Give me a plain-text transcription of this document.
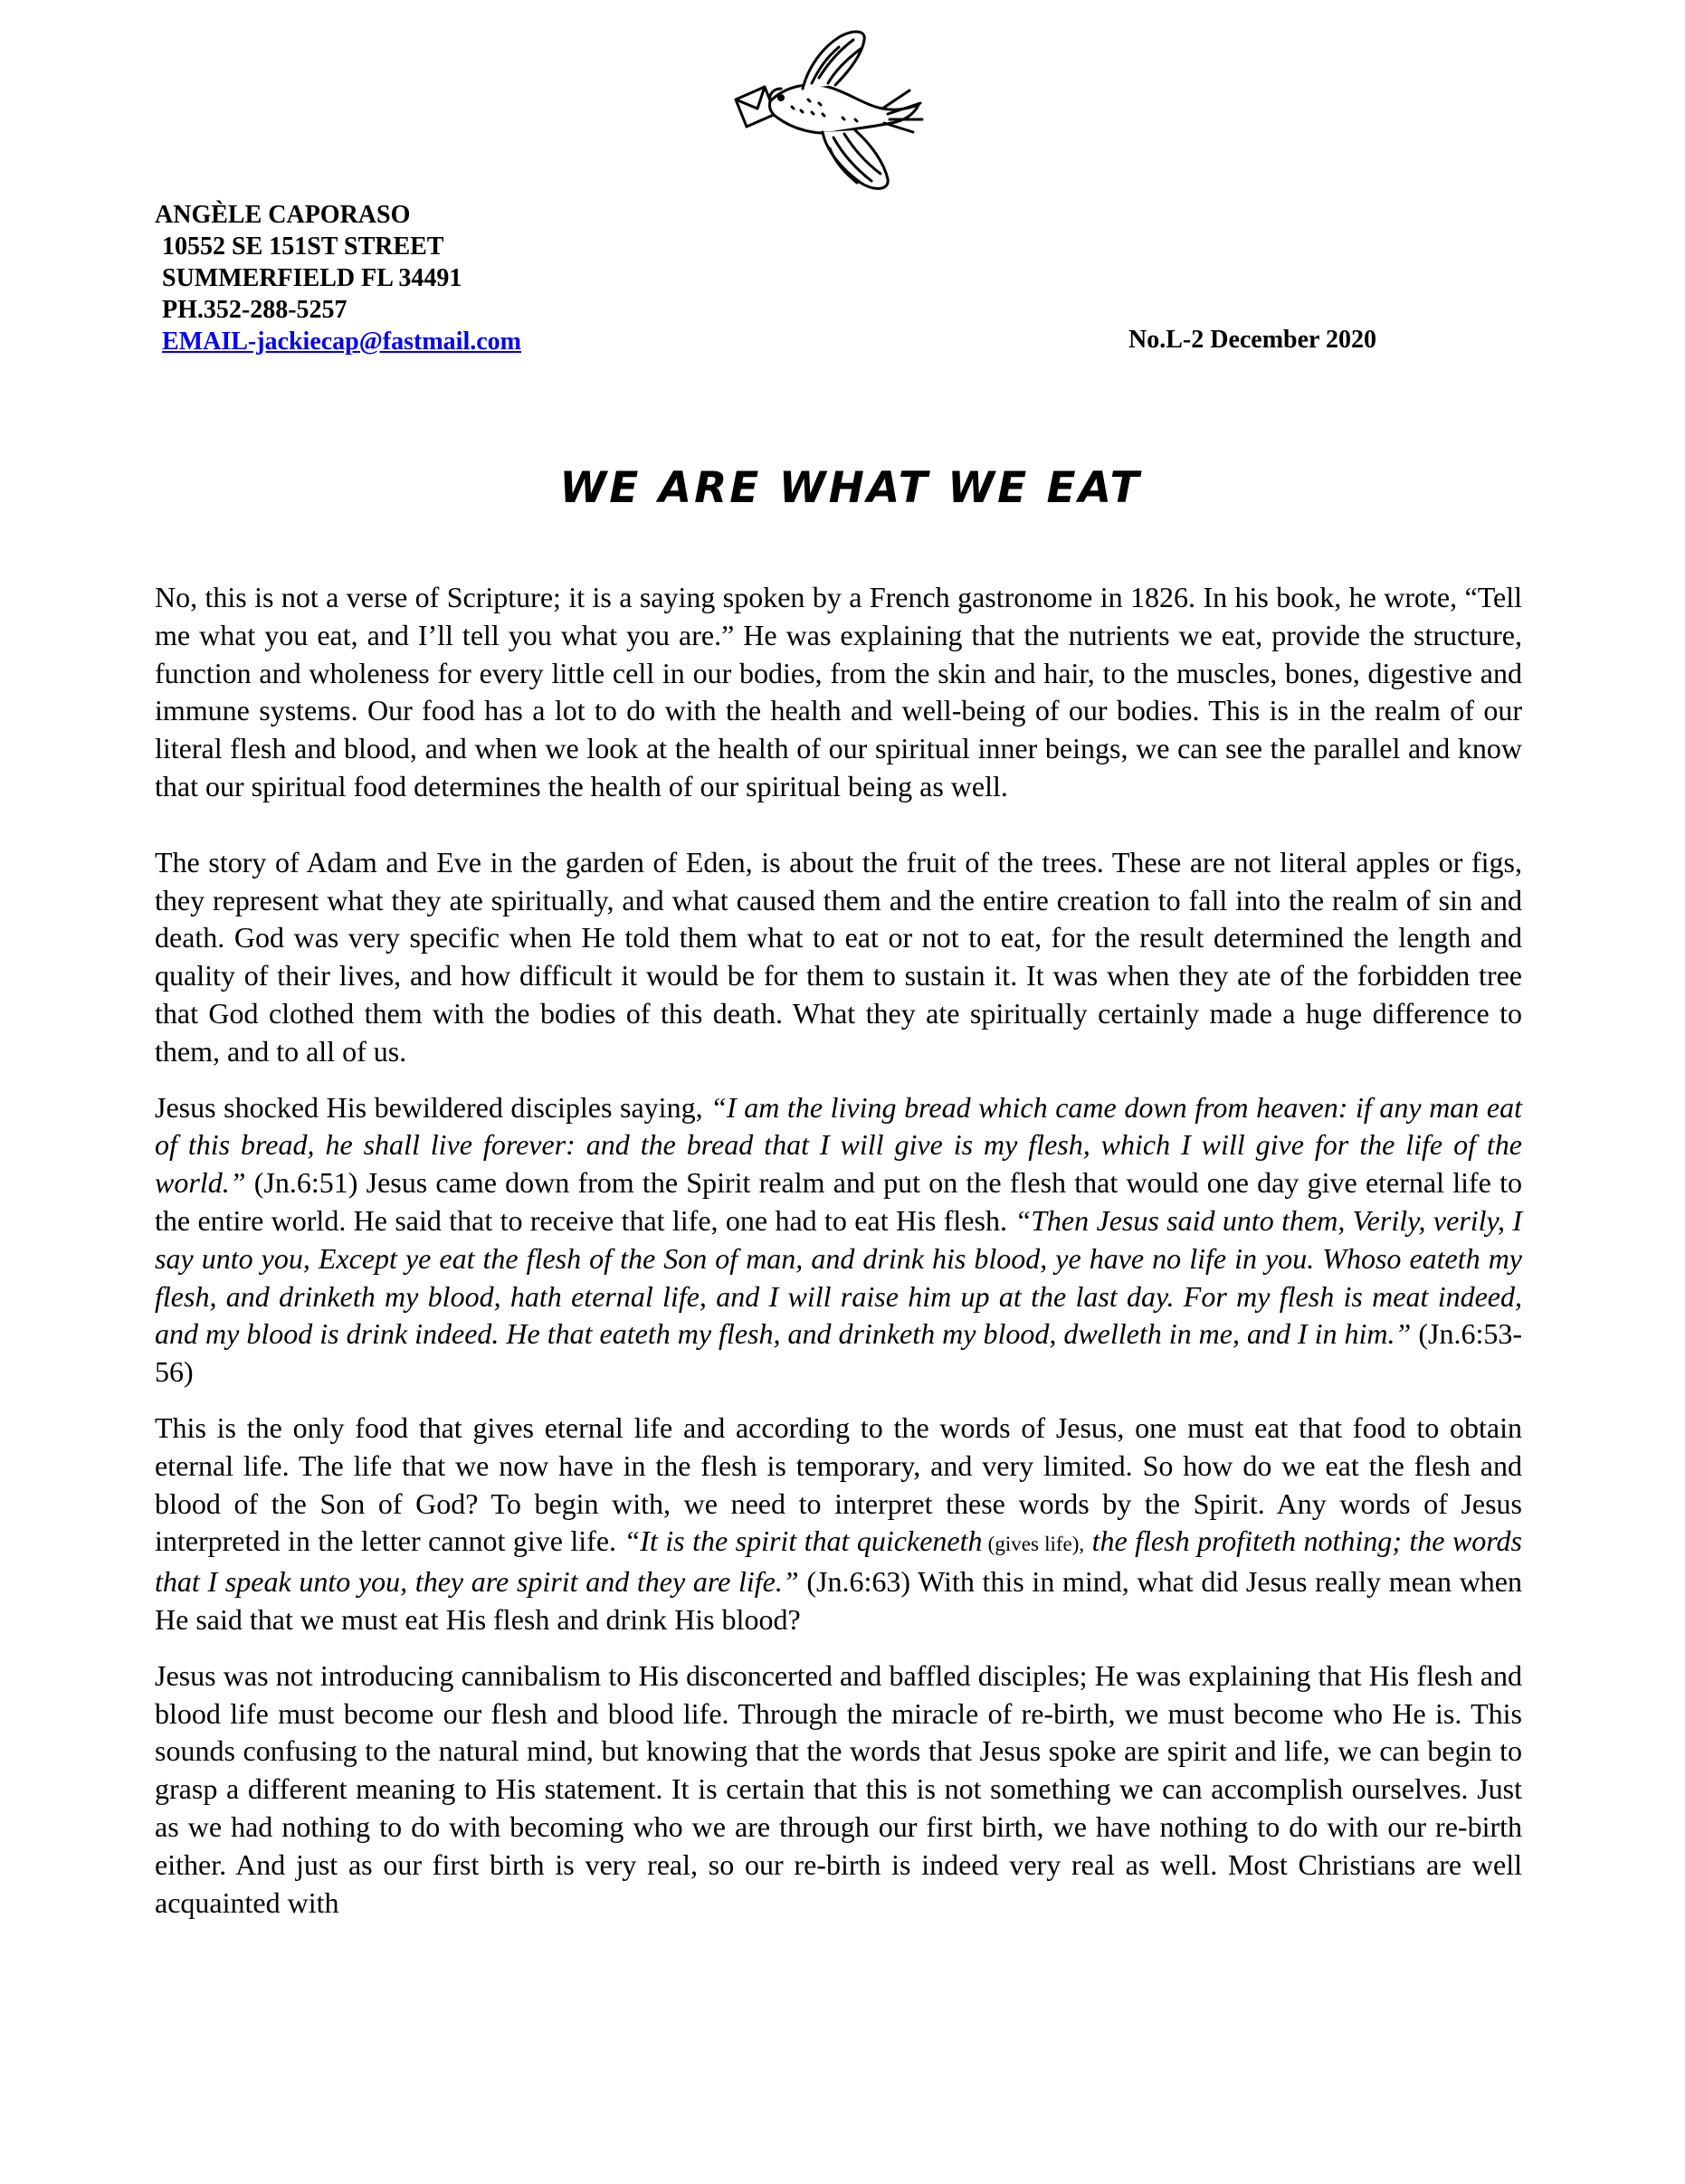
ANGÈLE CAPORASO
10552 SE 151ST STREET
SUMMERFIELD FL 34491
PH.352-288-5257
EMAIL-jackiecap@fastmail.com	No.L-2 December 2020
WE ARE WHAT WE EAT

No, this is not a verse of Scripture; it is a saying spoken by a French gastronome in 1826. In his book, he wrote, “Tell me what you eat, and I’ll tell you what you are.” He was explaining that the nutrients we eat, provide the structure, function and wholeness for every little cell in our bodies, from the skin and hair, to the muscles, bones, digestive and immune systems. Our food has a lot to do with the health and well-being of our bodies. This is in the realm of our literal flesh and blood, and when we look at the health of our spiritual inner beings, we can see the parallel and know that our spiritual food determines the health of our spiritual being as well.

The story of Adam and Eve in the garden of Eden, is about the fruit of the trees. These are not literal apples or figs, they represent what they ate spiritually, and what caused them and the entire creation to fall into the realm of sin and death. God was very specific when He told them what to eat or not to eat, for the result determined the length and quality of their lives, and how difficult it would be for them to sustain it. It was when they ate of the forbidden tree that God clothed them with the bodies of this death. What they ate spiritually certainly made a huge difference to them, and to all of us.

Jesus shocked His bewildered disciples saying, “I am the living bread which came down from heaven: if any man eat of this bread, he shall live forever: and the bread that I will give is my flesh, which I will give for the life of the world.” (Jn.6:51) Jesus came down from the Spirit realm and put on the flesh that would one day give eternal life to the entire world. He said that to receive that life, one had to eat His flesh. “Then Jesus said unto them, Verily, verily, I say unto you, Except ye eat the flesh of the Son of man, and drink his blood, ye have no life in you. Whoso eateth my flesh, and drinketh my blood, hath eternal life, and I will raise him up at the last day. For my flesh is meat indeed, and my blood is drink indeed. He that eateth my flesh, and drinketh my blood, dwelleth in me, and I in him.” (Jn.6:53-56)

This is the only food that gives eternal life and according to the words of Jesus, one must eat that food to obtain eternal life. The life that we now have in the flesh is temporary, and very limited. So how do we eat the flesh and blood of the Son of God? To begin with, we need to interpret these words by the Spirit. Any words of Jesus interpreted in the letter cannot give life. “It is the spirit that quickeneth (gives life), the flesh profiteth nothing; the words that I speak unto you, they are spirit and they are life.” (Jn.6:63) With this in mind, what did Jesus really mean when He said that we must eat His flesh and drink His blood?

Jesus was not introducing cannibalism to His disconcerted and baffled disciples; He was explaining that His flesh and blood life must become our flesh and blood life. Through the miracle of re-birth, we must become who He is. This sounds confusing to the natural mind, but knowing that the words that Jesus spoke are spirit and life, we can begin to grasp a different meaning to His statement. It is certain that this is not something we can accomplish ourselves. Just as we had nothing to do with becoming who we are through our first birth, we have nothing to do with our re-birth either. And just as our first birth is very real, so our re-birth is indeed very real as well. Most Christians are well acquainted with
